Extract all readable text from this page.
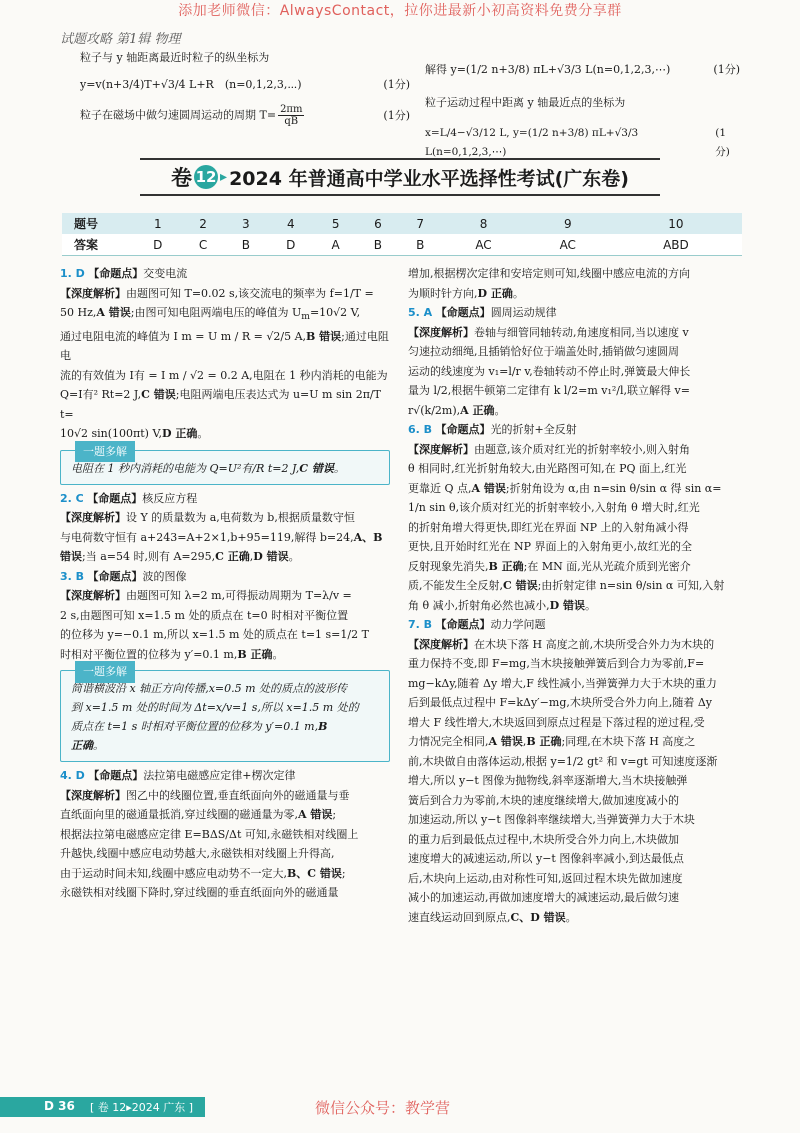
添加老师微信：AlwaysContact，拉你进最新小初高资料免费分享群
试题攻略 第1辑 物理
粒子与 y 轴距离最近时粒子的纵坐标为
y=v(n+3/4)T+√3/4 L+R　(n=0,1,2,3,⋯)	(1分)
粒子在磁场中做匀速圆周运动的周期 $T= \frac{2\pi m}{qB}$	(1分)
解得 y=(1/2 n+3/8) πL+√3/3 L(n=0,1,2,3,⋯)	(1分)
粒子运动过程中距离 y 轴最近点的坐标为
x=L/4−√3/12 L, y=(1/2 n+3/8) πL+√3/3 L(n=0,1,2,3,⋯)
(1分)
卷 12 ▸ 2024 年普通高中学业水平选择性考试(广东卷)
题号	1	2	3	4	5	6	7	8	9	10
答案	D	C	B	D	A	B	B	AC	AC	ABD
1. D 【命题点】交变电流
【深度解析】由题图可知 T=0.02 s,该交流电的频率为 f=1/T =
50 Hz,A 错误;由图可知电阻两端电压的峰值为 $U_m=10√2$ V,
通过电阻电流的峰值为 I m = U m / R = √2/5 A,B 错误;通过电阻电
流的有效值为 I有 = I m / √2 = 0.2 A,电阻在 1 秒内消耗的电能为
Q=I有² Rt=2 J,C 错误;电阻两端电压表达式为 u=U m sin 2π/T t=
10√2 sin(100πt) V,D 正确。
一题多解
电阻在 1 秒内消耗的电能为 Q=U²有/R t=2 J,C 错误。
2. C 【命题点】核反应方程
【深度解析】设 Y 的质量数为 a,电荷数为 b,根据质量数守恒
与电荷数守恒有 a+243=A+2×1,b+95=119,解得 b=24,A、B
错误;当 a=54 时,则有 A=295,C 正确,D 错误。
3. B 【命题点】波的图像
【深度解析】由题图可知 λ=2 m,可得振动周期为 T=λ/v =
2 s,由题图可知 x=1.5 m 处的质点在 t=0 时相对平衡位置
的位移为 y=−0.1 m,所以 x=1.5 m 处的质点在 t=1 s=1/2 T
时相对平衡位置的位移为 y′=0.1 m,B 正确。
一题多解
简谐横波沿 x 轴正方向传播,x=0.5 m 处的质点的波形传
到 x=1.5 m 处的时间为 Δt=x/v=1 s,所以 x=1.5 m 处的
质点在 t=1 s 时相对平衡位置的位移为 y′=0.1 m,B
正确。
4. D 【命题点】法拉第电磁感应定律+楞次定律
【深度解析】图乙中的线圈位置,垂直纸面向外的磁通量与垂
直纸面向里的磁通量抵消,穿过线圈的磁通量为零,A 错误;
根据法拉第电磁感应定律 E=BΔS/Δt 可知,永磁铁相对线圈上
升越快,线圈中感应电动势越大,永磁铁相对线圈上升得高,
由于运动时间未知,线圈中感应电动势不一定大,B、C 错误;
永磁铁相对线圈下降时,穿过线圈的垂直纸面向外的磁通量
增加,根据楞次定律和安培定则可知,线圈中感应电流的方向
为顺时针方向,D 正确。
5. A 【命题点】圆周运动规律
【深度解析】卷轴与细管同轴转动,角速度相同,当以速度 v
匀速拉动细绳,且插销恰好位于端盖处时,插销做匀速圆周
运动的线速度为 v₁=l/r v,卷轴转动不停止时,弹簧最大伸长
量为 l/2,根据牛顿第二定律有 k l/2=m v₁²/l,联立解得 v=
r√(k/2m),A 正确。
6. B 【命题点】光的折射+全反射
【深度解析】由题意,该介质对红光的折射率较小,则入射角
θ 相同时,红光折射角较大,由光路图可知,在 PQ 面上,红光
更靠近 Q 点,A 错误;折射角设为 α,由 n=sin θ/sin α 得 sin α=
1/n sin θ,该介质对红光的折射率较小,入射角 θ 增大时,红光
的折射角增大得更快,即红光在界面 NP 上的入射角减小得
更快,且开始时红光在 NP 界面上的入射角更小,故红光的全
反射现象先消失,B 正确;在 MN 面,光从光疏介质到光密介
质,不能发生全反射,C 错误;由折射定律 n=sin θ/sin α 可知,入射
角 θ 减小,折射角必然也减小,D 错误。
7. B 【命题点】动力学问题
【深度解析】在木块下落 H 高度之前,木块所受合外力为木块的
重力保持不变,即 F=mg,当木块接触弹簧后到合力为零前,F=
mg−kΔy,随着 Δy 增大,F 线性减小,当弹簧弹力大于木块的重力
后到最低点过程中 F=kΔy′−mg,木块所受合外力向上,随着 Δy
增大 F 线性增大,木块返回到原点过程是下落过程的逆过程,受
力情况完全相同,A 错误,B 正确;同理,在木块下落 H 高度之
前,木块做自由落体运动,根据 y=1/2 gt² 和 v=gt 可知速度逐渐
增大,所以 y−t 图像为抛物线,斜率逐渐增大,当木块接触弹
簧后到合力为零前,木块的速度继续增大,做加速度减小的
加速运动,所以 y−t 图像斜率继续增大,当弹簧弹力大于木块
的重力后到最低点过程中,木块所受合外力向上,木块做加
速度增大的减速运动,所以 y−t 图像斜率减小,到达最低点
后,木块向上运动,由对称性可知,返回过程木块先做加速度
减小的加速运动,再做加速度增大的减速运动,最后做匀速
速直线运动回到原点,C、D 错误。
D 36 [ 卷 12▸2024 广东 ]	微信公众号：教学营
